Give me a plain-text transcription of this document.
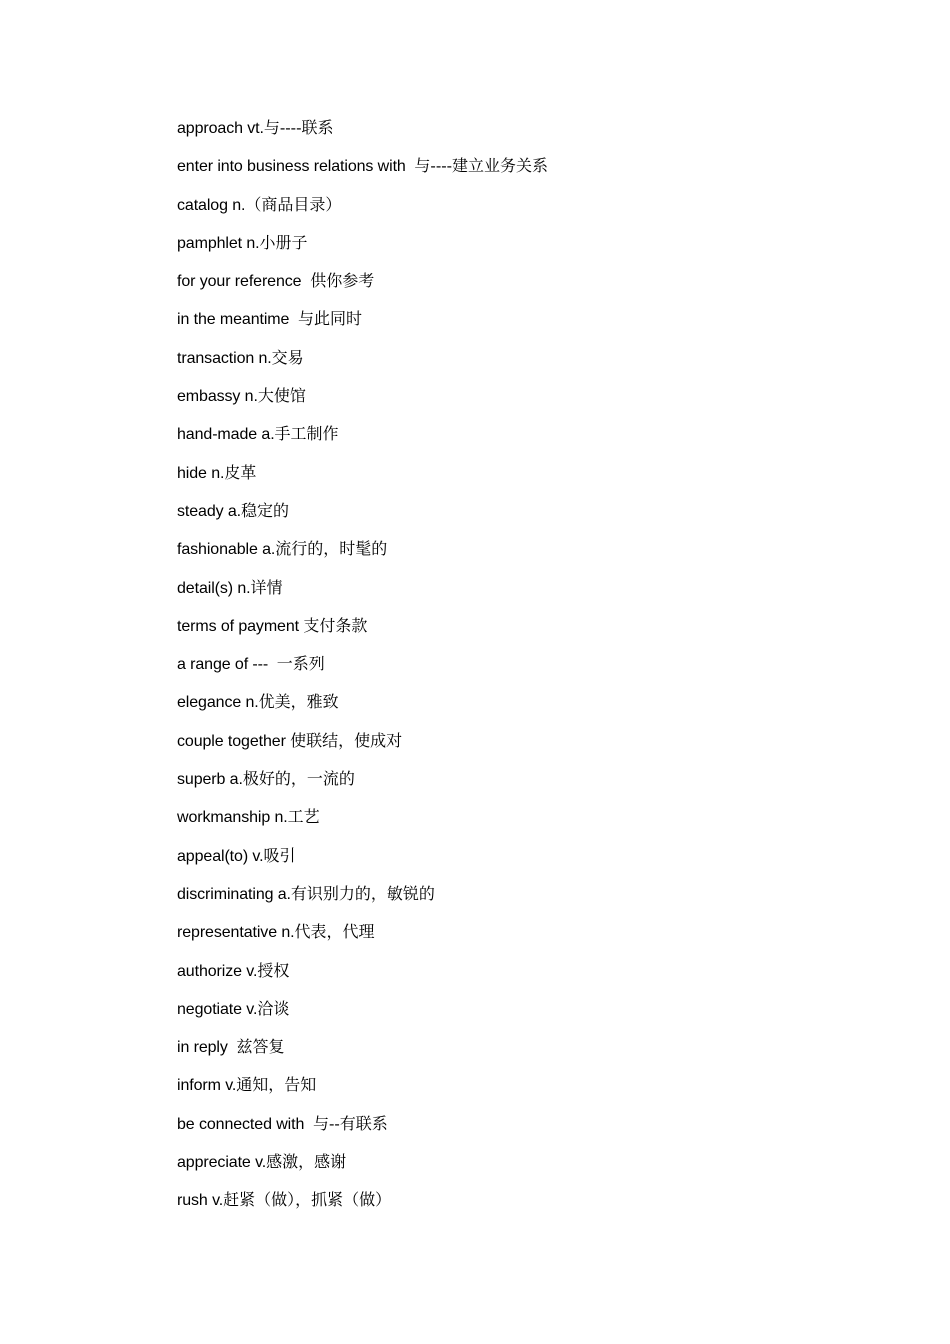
approach vt.与----联系
enter into business relations with  与----建立业务关系
catalog n.（商品目录）
pamphlet n.小册子
for your reference  供你参考
in the meantime  与此同时
transaction n.交易
embassy n.大使馆
hand-made a.手工制作
hide n.皮革
steady a.稳定的
fashionable a.流行的，时髦的
detail(s) n.详情
terms of payment 支付条款
a range of ---  一系列
elegance n.优美，雅致
couple together 使联结，使成对
superb a.极好的，一流的
workmanship n.工艺
appeal(to) v.吸引
discriminating a.有识别力的，敏锐的
representative n.代表，代理
authorize v.授权
negotiate v.洽谈
in reply  兹答复
inform v.通知，告知
be connected with  与--有联系
appreciate v.感激，感谢
rush v.赶紧（做），抓紧（做）
